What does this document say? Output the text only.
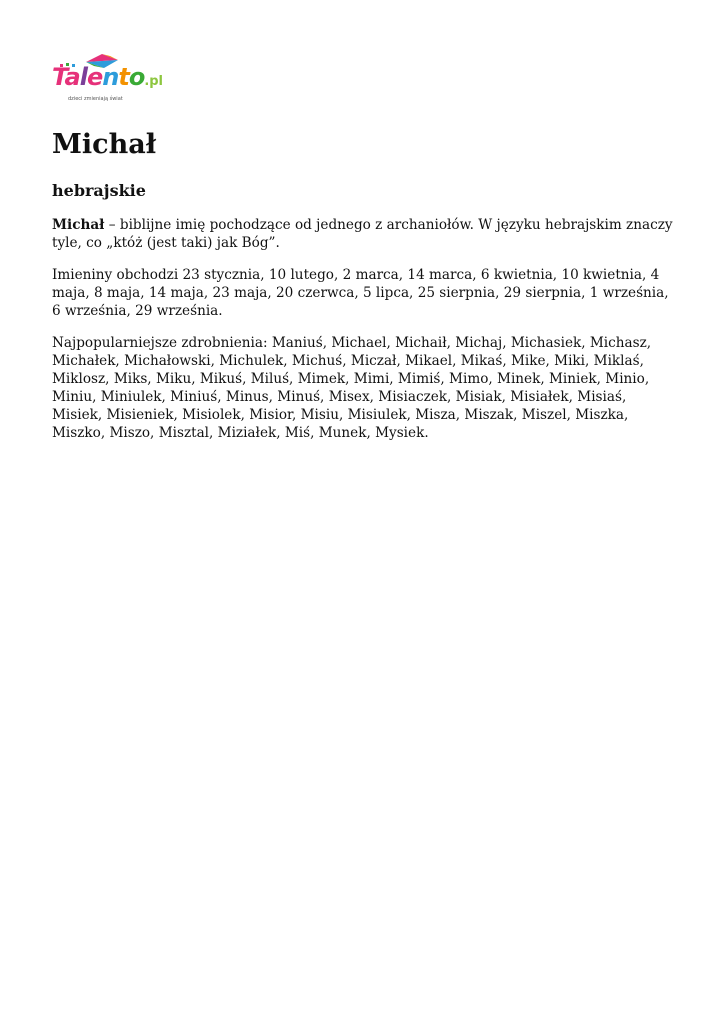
Talento.pl
dzieci zmieniają świat
Michał
hebrajskie

Michał – biblijne imię pochodzące od jednego z archaniołów. W języku hebrajskim znaczy tyle, co „któż (jest taki) jak Bóg”.

Imieniny obchodzi 23 stycznia, 10 lutego, 2 marca, 14 marca, 6 kwietnia, 10 kwietnia, 4 maja, 8 maja, 14 maja, 23 maja, 20 czerwca, 5 lipca, 25 sierpnia, 29 sierpnia, 1 września, 6 września, 29 września.

Najpopularniejsze zdrobnienia: Maniuś, Michael, Michaił, Michaj, Michasiek, Michasz, Michałek, Michałowski, Michulek, Michuś, Miczał, Mikael, Mikaś, Mike, Miki, Miklaś, Miklosz, Miks, Miku, Mikuś, Miluś, Mimek, Mimi, Mimiś, Mimo, Minek, Miniek, Minio, Miniu, Miniulek, Miniuś, Minus, Minuś, Misex, Misiaczek, Misiak, Misiałek, Misiaś, Misiek, Misieniek, Misiolek, Misior, Misiu, Misiulek, Misza, Miszak, Miszel, Miszka, Miszko, Miszo, Misztal, Miziałek, Miś, Munek, Mysiek.
